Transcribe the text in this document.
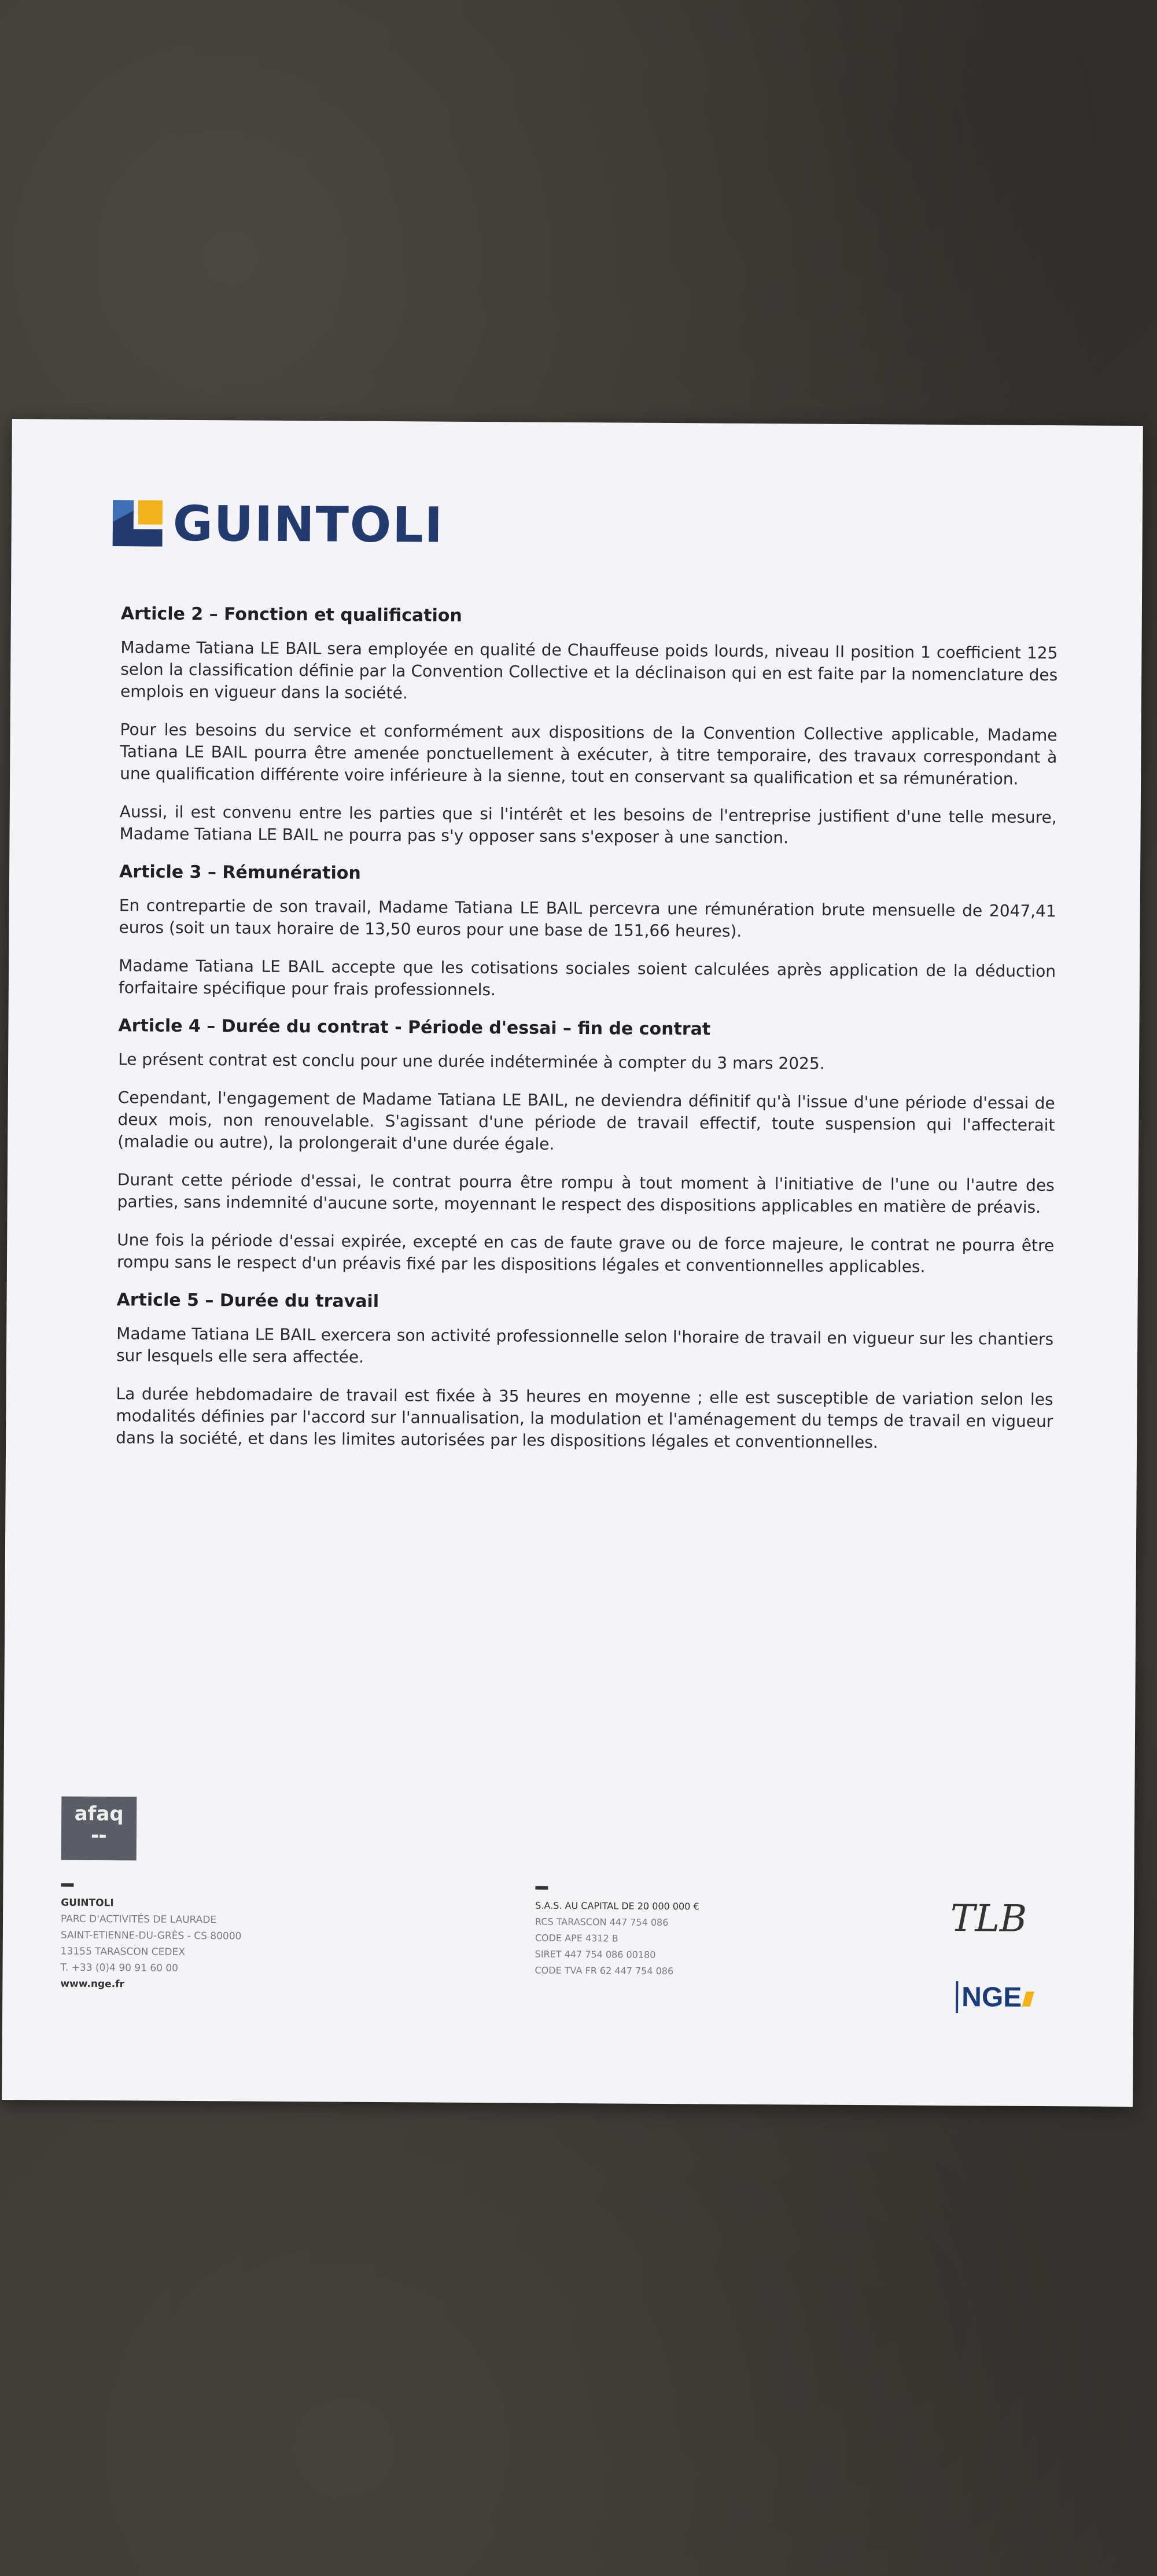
GUINTOLI
Article 2 – Fonction et qualification

Madame Tatiana LE BAIL sera employée en qualité de Chauffeuse poids lourds, niveau II position 1 coefficient 125 selon la classification définie par la Convention Collective et la déclinaison qui en est faite par la nomenclature des emplois en vigueur dans la société.

Pour les besoins du service et conformément aux dispositions de la Convention Collective applicable, Madame Tatiana LE BAIL pourra être amenée ponctuellement à exécuter, à titre temporaire, des travaux correspondant à une qualification différente voire inférieure à la sienne, tout en conservant sa qualification et sa rémunération.

Aussi, il est convenu entre les parties que si l'intérêt et les besoins de l'entreprise justifient d'une telle mesure, Madame Tatiana LE BAIL ne pourra pas s'y opposer sans s'exposer à une sanction.

Article 3 – Rémunération

En contrepartie de son travail, Madame Tatiana LE BAIL percevra une rémunération brute mensuelle de 2047,41 euros (soit un taux horaire de 13,50 euros pour une base de 151,66 heures).

Madame Tatiana LE BAIL accepte que les cotisations sociales soient calculées après application de la déduction forfaitaire spécifique pour frais professionnels.

Article 4 – Durée du contrat - Période d'essai – fin de contrat

Le présent contrat est conclu pour une durée indéterminée à compter du 3 mars 2025.

Cependant, l'engagement de Madame Tatiana LE BAIL, ne deviendra définitif qu'à l'issue d'une période d'essai de deux mois, non renouvelable. S'agissant d'une période de travail effectif, toute suspension qui l'affecterait (maladie ou autre), la prolongerait d'une durée égale.

Durant cette période d'essai, le contrat pourra être rompu à tout moment à l'initiative de l'une ou l'autre des parties, sans indemnité d'aucune sorte, moyennant le respect des dispositions applicables en matière de préavis.

Une fois la période d'essai expirée, excepté en cas de faute grave ou de force majeure, le contrat ne pourra être rompu sans le respect d'un préavis fixé par les dispositions légales et conventionnelles applicables.

Article 5 – Durée du travail

Madame Tatiana LE BAIL exercera son activité professionnelle selon l'horaire de travail en vigueur sur les chantiers sur lesquels elle sera affectée.

La durée hebdomadaire de travail est fixée à 35 heures en moyenne ; elle est susceptible de variation selon les modalités définies par l'accord sur l'annualisation, la modulation et l'aménagement du temps de travail en vigueur dans la société, et dans les limites autorisées par les dispositions légales et conventionnelles.

afaq
▬▬
GUINTOLI
PARC D'ACTIVITÉS DE LAURADE
SAINT-ETIENNE-DU-GRÈS - CS 80000
13155 TARASCON CEDEX
T. +33 (0)4 90 91 60 00
www.nge.fr
S.A.S. AU CAPITAL DE 20 000 000 €
RCS TARASCON 447 754 086
CODE APE 4312 B
SIRET 447 754 086 00180
CODE TVA FR 62 447 754 086
TLB
NGE
